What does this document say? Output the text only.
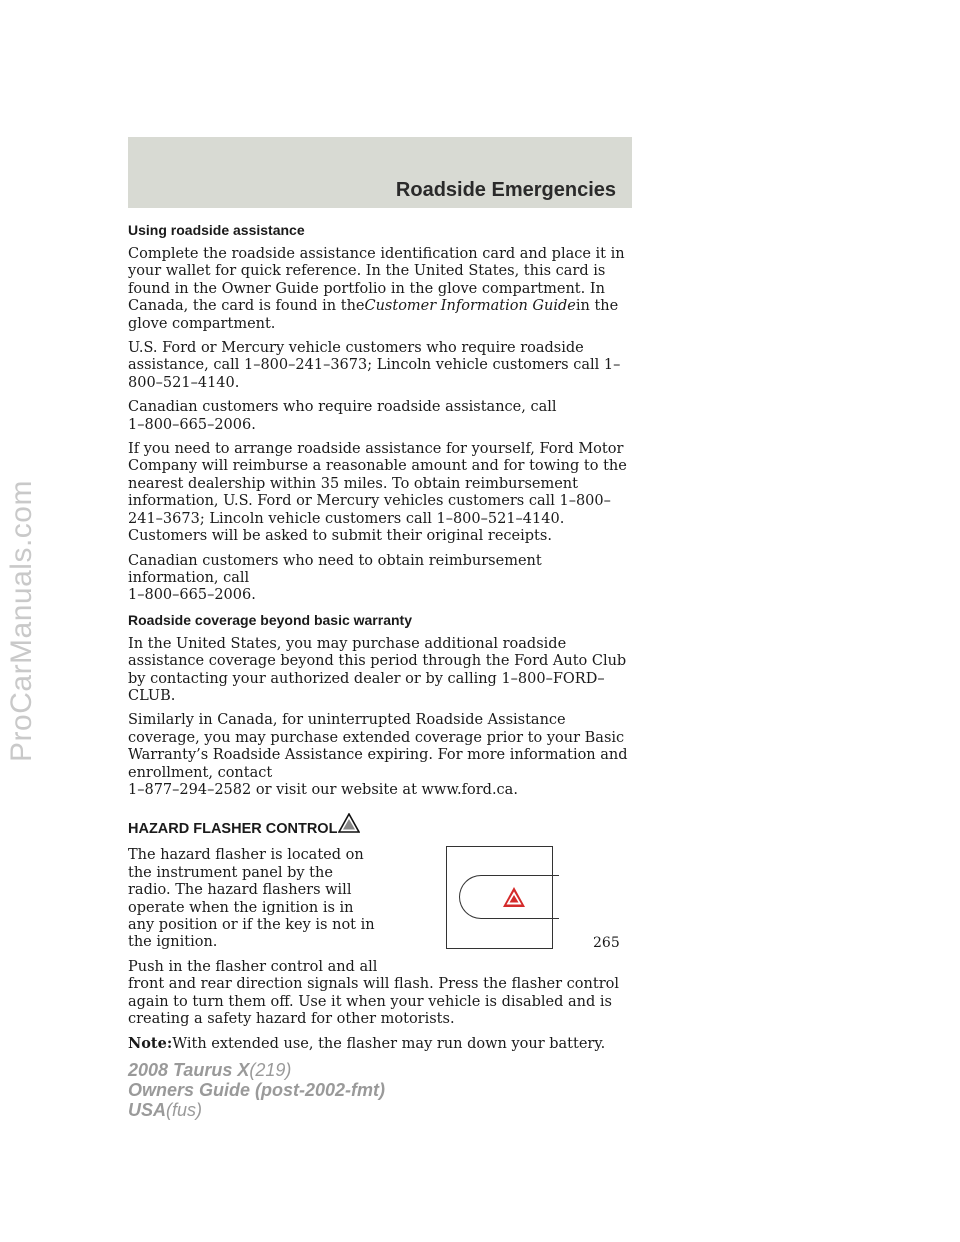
Roadside Emergencies
Using roadside assistance

Complete the roadside assistance identification card and place it in your wallet for quick reference. In the United States, this card is found in the Owner Guide portfolio in the glove compartment. In Canada, the card is found in theCustomer Information Guidein the glove compartment.

U.S. Ford or Mercury vehicle customers who require roadside assistance, call 1–800–241–3673; Lincoln vehicle customers call 1–800–521–4140.

Canadian customers who require roadside assistance, call
1–800–665–2006.

If you need to arrange roadside assistance for yourself, Ford Motor Company will reimburse a reasonable amount and for towing to the nearest dealership within 35 miles. To obtain reimbursement information, U.S. Ford or Mercury vehicles customers call 1–800–241–3673; Lincoln vehicle customers call 1–800–521–4140. Customers will be asked to submit their original receipts.

Canadian customers who need to obtain reimbursement information, call
1–800–665–2006.

Roadside coverage beyond basic warranty

In the United States, you may purchase additional roadside assistance coverage beyond this period through the Ford Auto Club by contacting your authorized dealer or by calling 1–800–FORD–CLUB.

Similarly in Canada, for uninterrupted Roadside Assistance coverage, you may purchase extended coverage prior to your Basic Warranty’s Roadside Assistance expiring. For more information and enrollment, contact
1–877–294–2582 or visit our website at www.ford.ca.

HAZARD FLASHER CONTROL

The hazard flasher is located on the instrument panel by the radio. The hazard flashers will operate when the ignition is in any position or if the key is not in the ignition.

Push in the flasher control and all
front and rear direction signals will flash. Press the flasher control again to turn them off. Use it when your vehicle is disabled and is creating a safety hazard for other motorists.

Note:With extended use, the flasher may run down your battery.

265

2008 Taurus X(219)
Owners Guide (post-2002-fmt)
USA(fus)
ProCarManuals.com
